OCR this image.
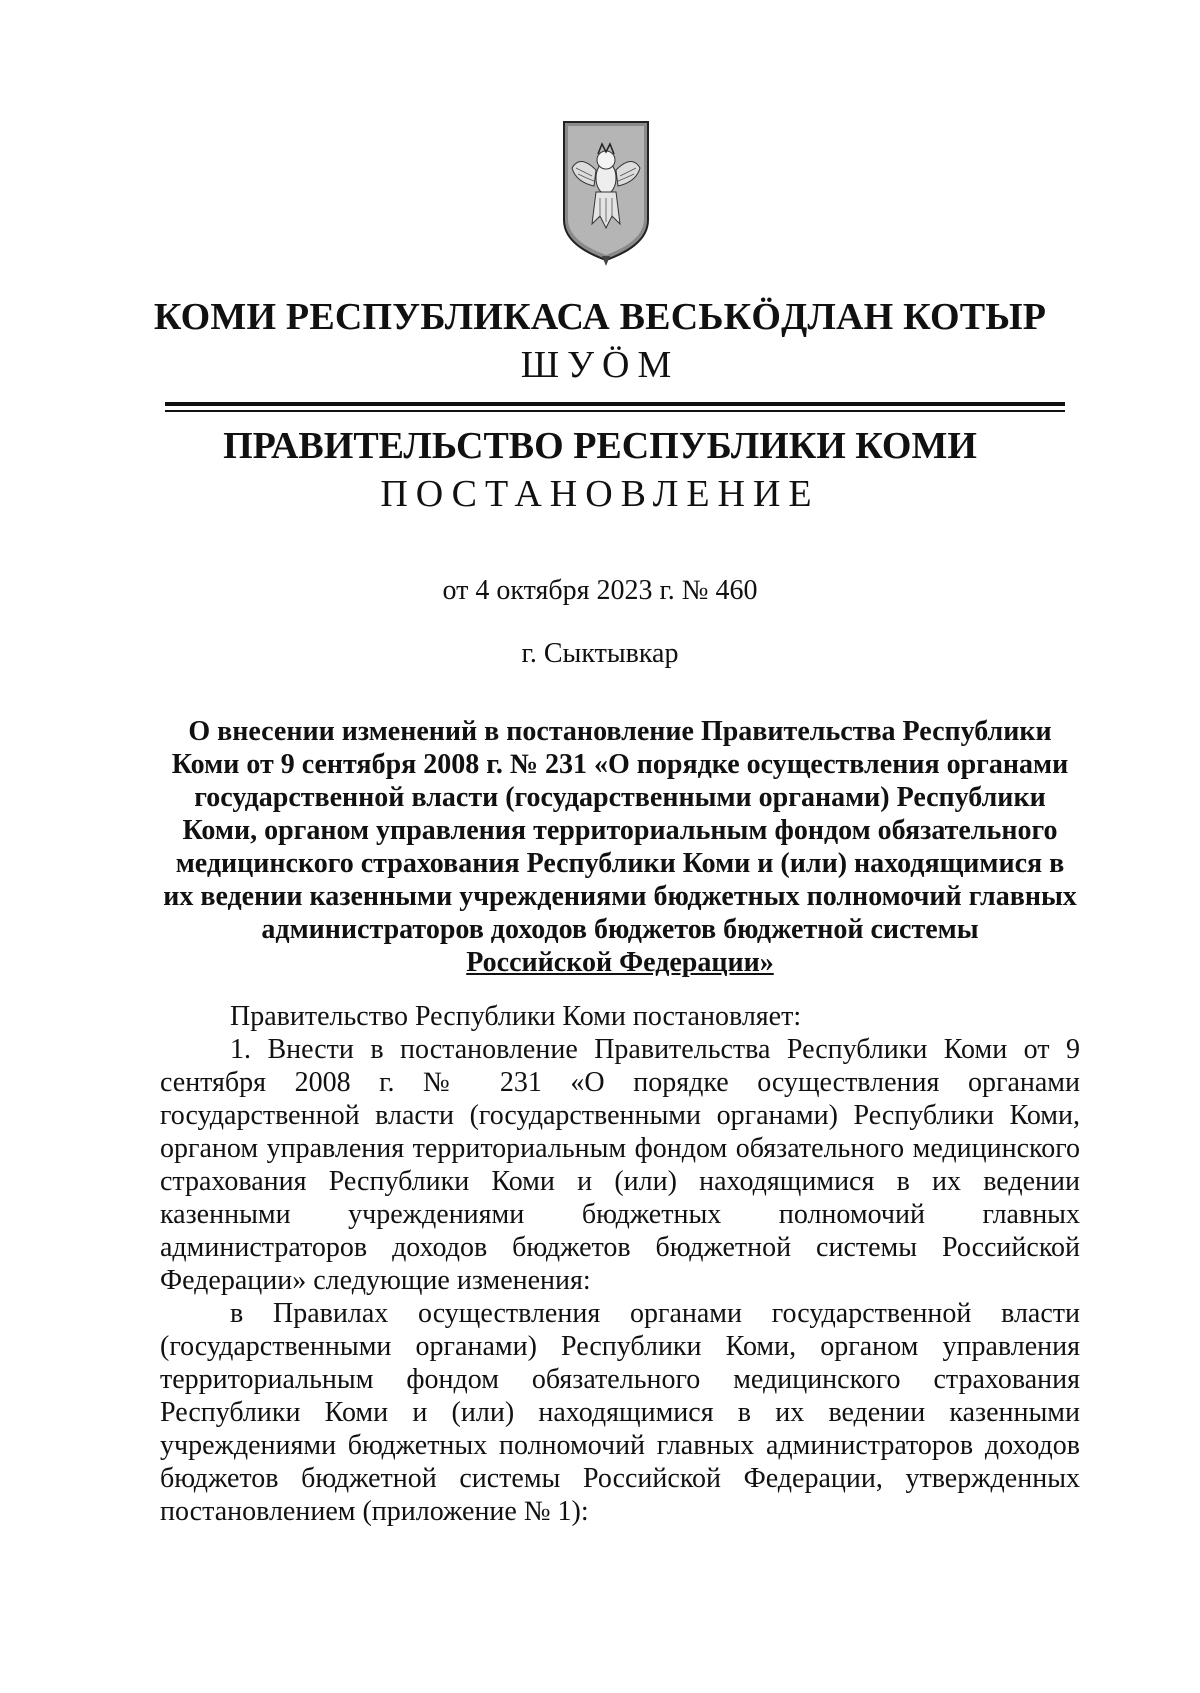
КОМИ РЕСПУБЛИКАСА ВЕСЬКÖДЛАН КОТЫР
ШУÖМ
ПРАВИТЕЛЬСТВО РЕСПУБЛИКИ КОМИ
ПОСТАНОВЛЕНИЕ
от 4 октября 2023 г. № 460
г. Сыктывкар
О внесении изменений в постановление Правительства Республики Коми от 9 сентября 2008 г. № 231 «О порядке осуществления органами государственной власти (государственными органами) Республики Коми, органом управления территориальным фондом обязательного медицинского страхования Республики Коми и (или) находящимися в их ведении казенными учреждениями бюджетных полномочий главных администраторов доходов бюджетов бюджетной системы
Российской Федерации»

Правительство Республики Коми постановляет:

1. Внести в постановление Правительства Республики Коми от 9 сентября 2008 г. № 231 «О порядке осуществления органами государственной власти (государственными органами) Республики Коми, органом управления территориальным фондом обязательного медицинского страхования Республики Коми и (или) находящимися в их ведении казенными учреждениями бюджетных полномочий главных администраторов доходов бюджетов бюджетной системы Российской Федерации» следующие изменения:

в Правилах осуществления органами государственной власти (государственными органами) Республики Коми, органом управления территориальным фондом обязательного медицинского страхования Республики Коми и (или) находящимися в их ведении казенными учреждениями бюджетных полномочий главных администраторов доходов бюджетов бюджетной системы Российской Федерации, утвержденных постановлением (приложение № 1):
